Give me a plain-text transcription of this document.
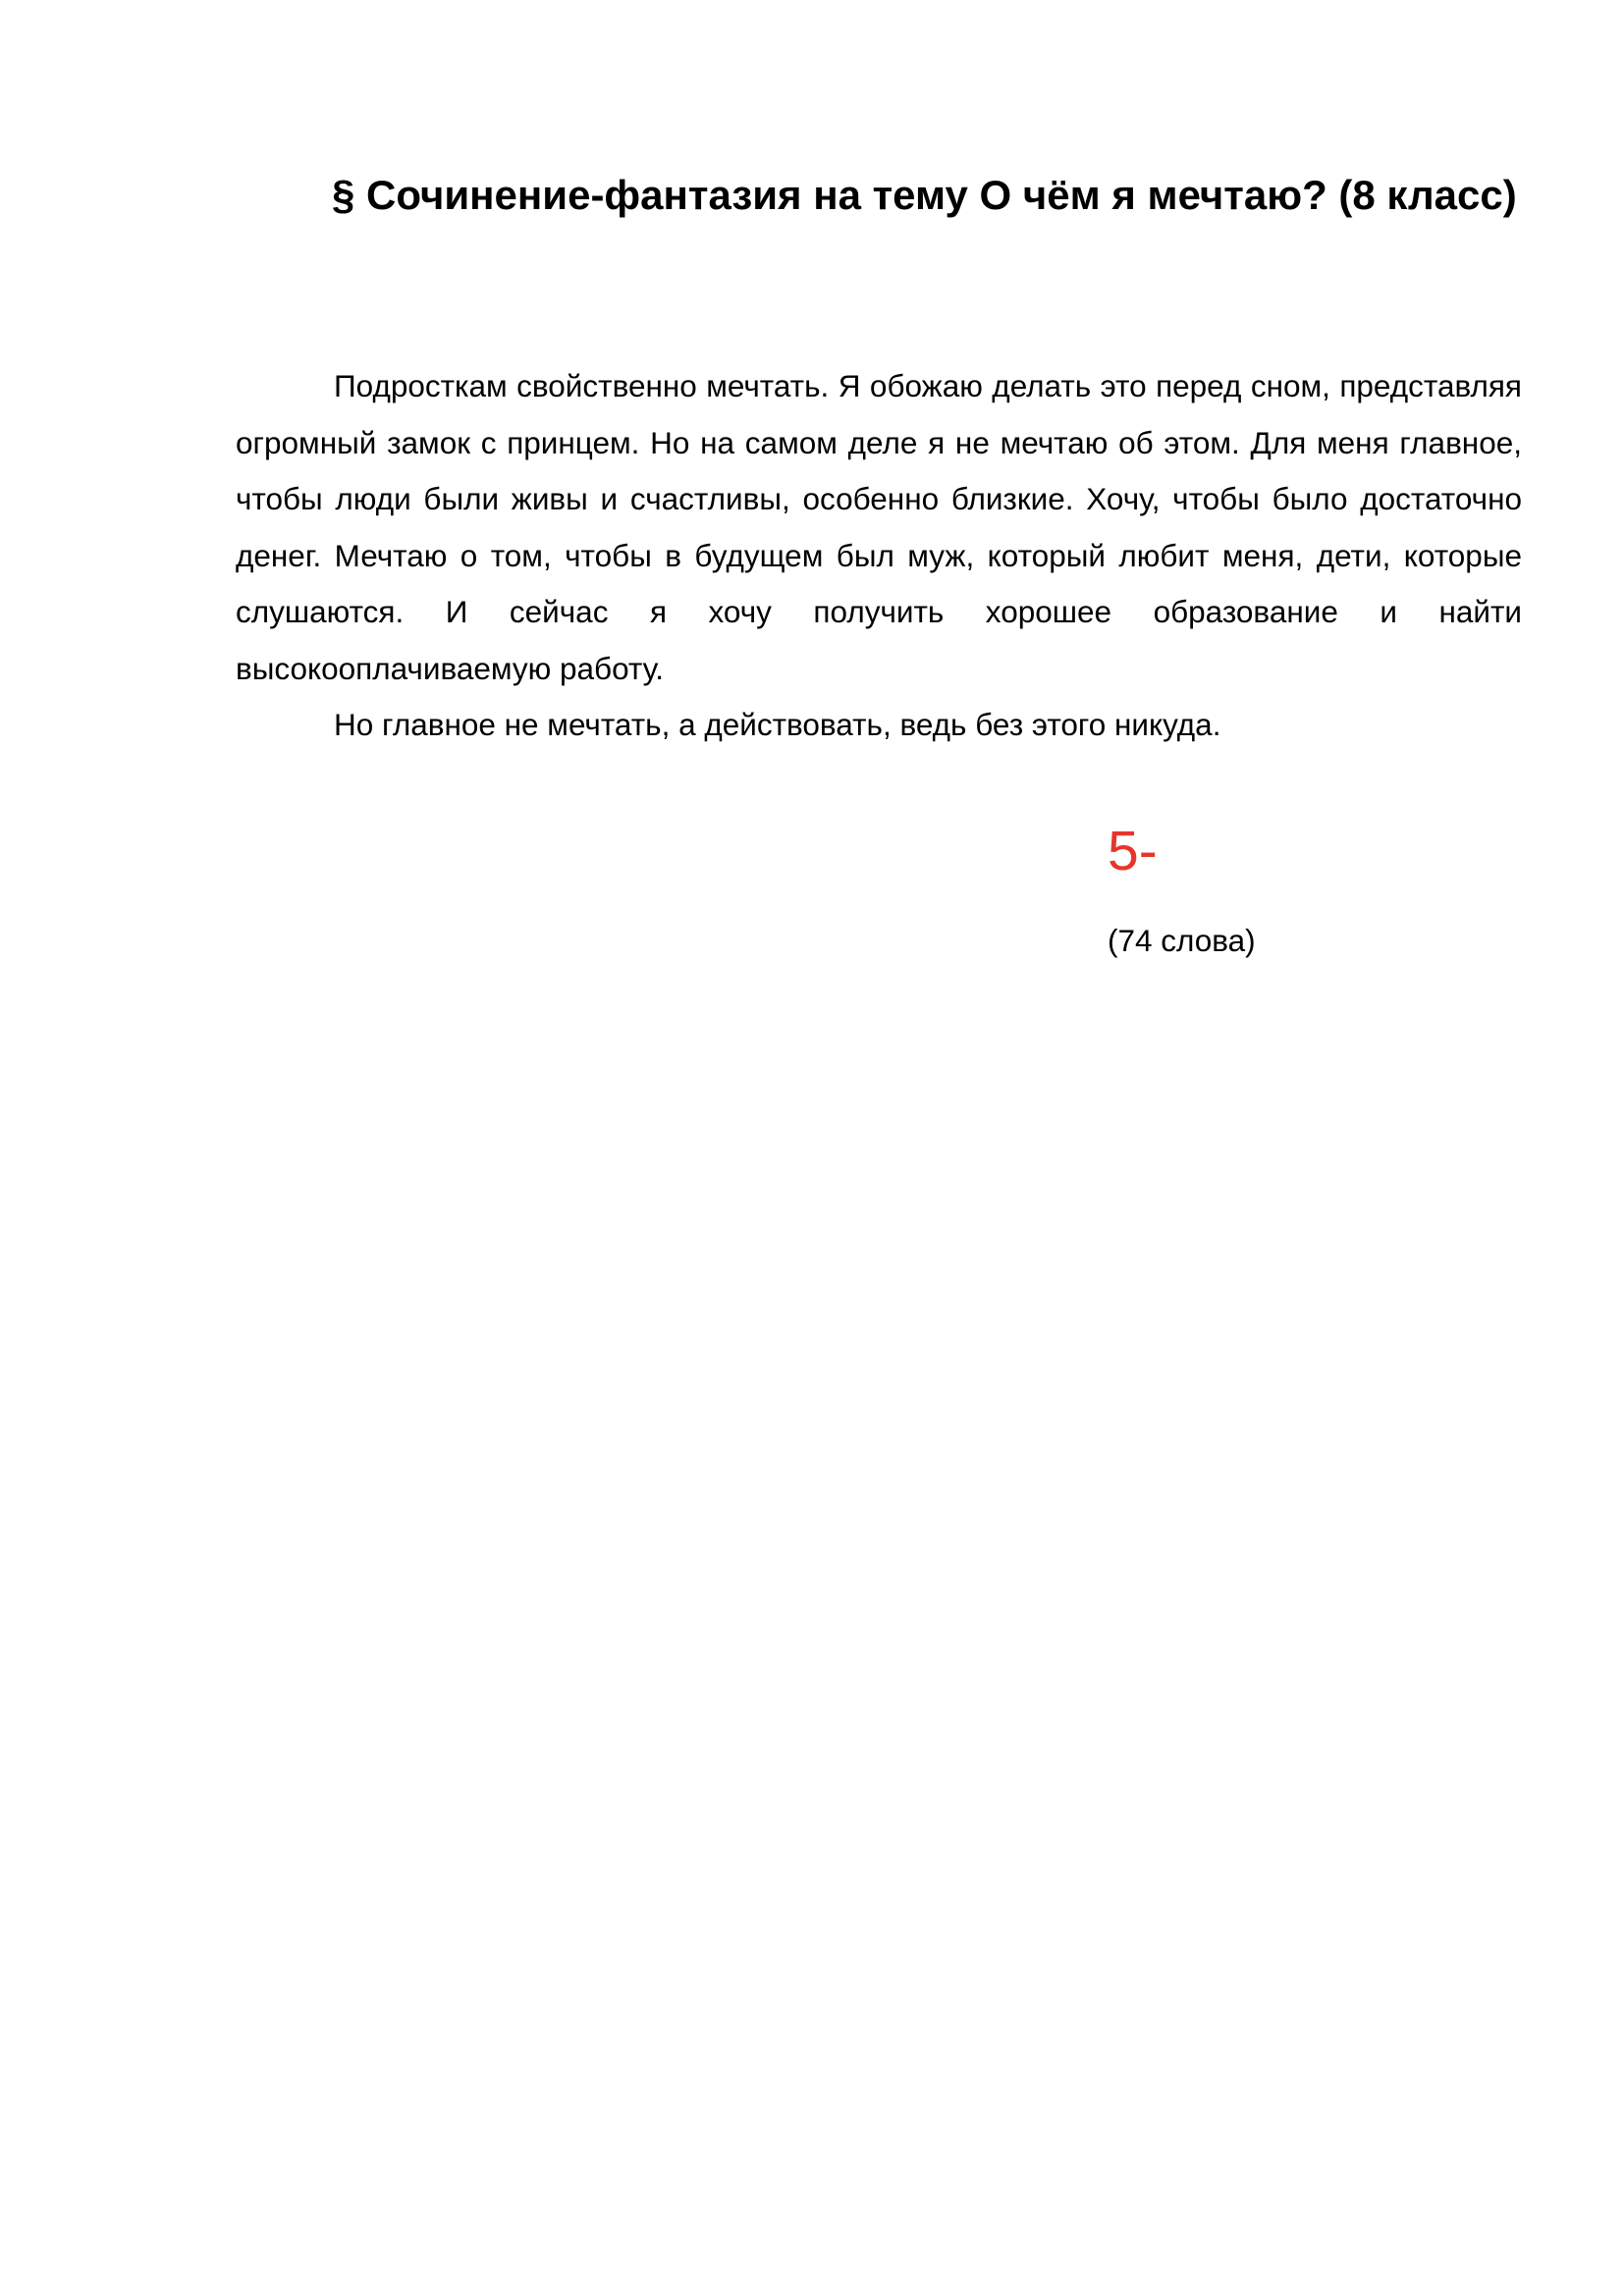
§ Сочинение-фантазия на тему О чём я мечтаю? (8 класс)

Подросткам свойственно мечтать. Я обожаю делать это перед сном, представляя огромный замок с принцем. Но на самом деле я не мечтаю об этом. Для меня главное, чтобы люди были живы и счастливы, особенно близкие. Хочу, чтобы было достаточно денег. Мечтаю о том, чтобы в будущем был муж, который любит меня, дети, которые слушаются. И сейчас я хочу получить хорошее образование и найти высокооплачиваемую работу.

Но главное не мечтать, а действовать, ведь без этого никуда.

5-
(74 слова)
